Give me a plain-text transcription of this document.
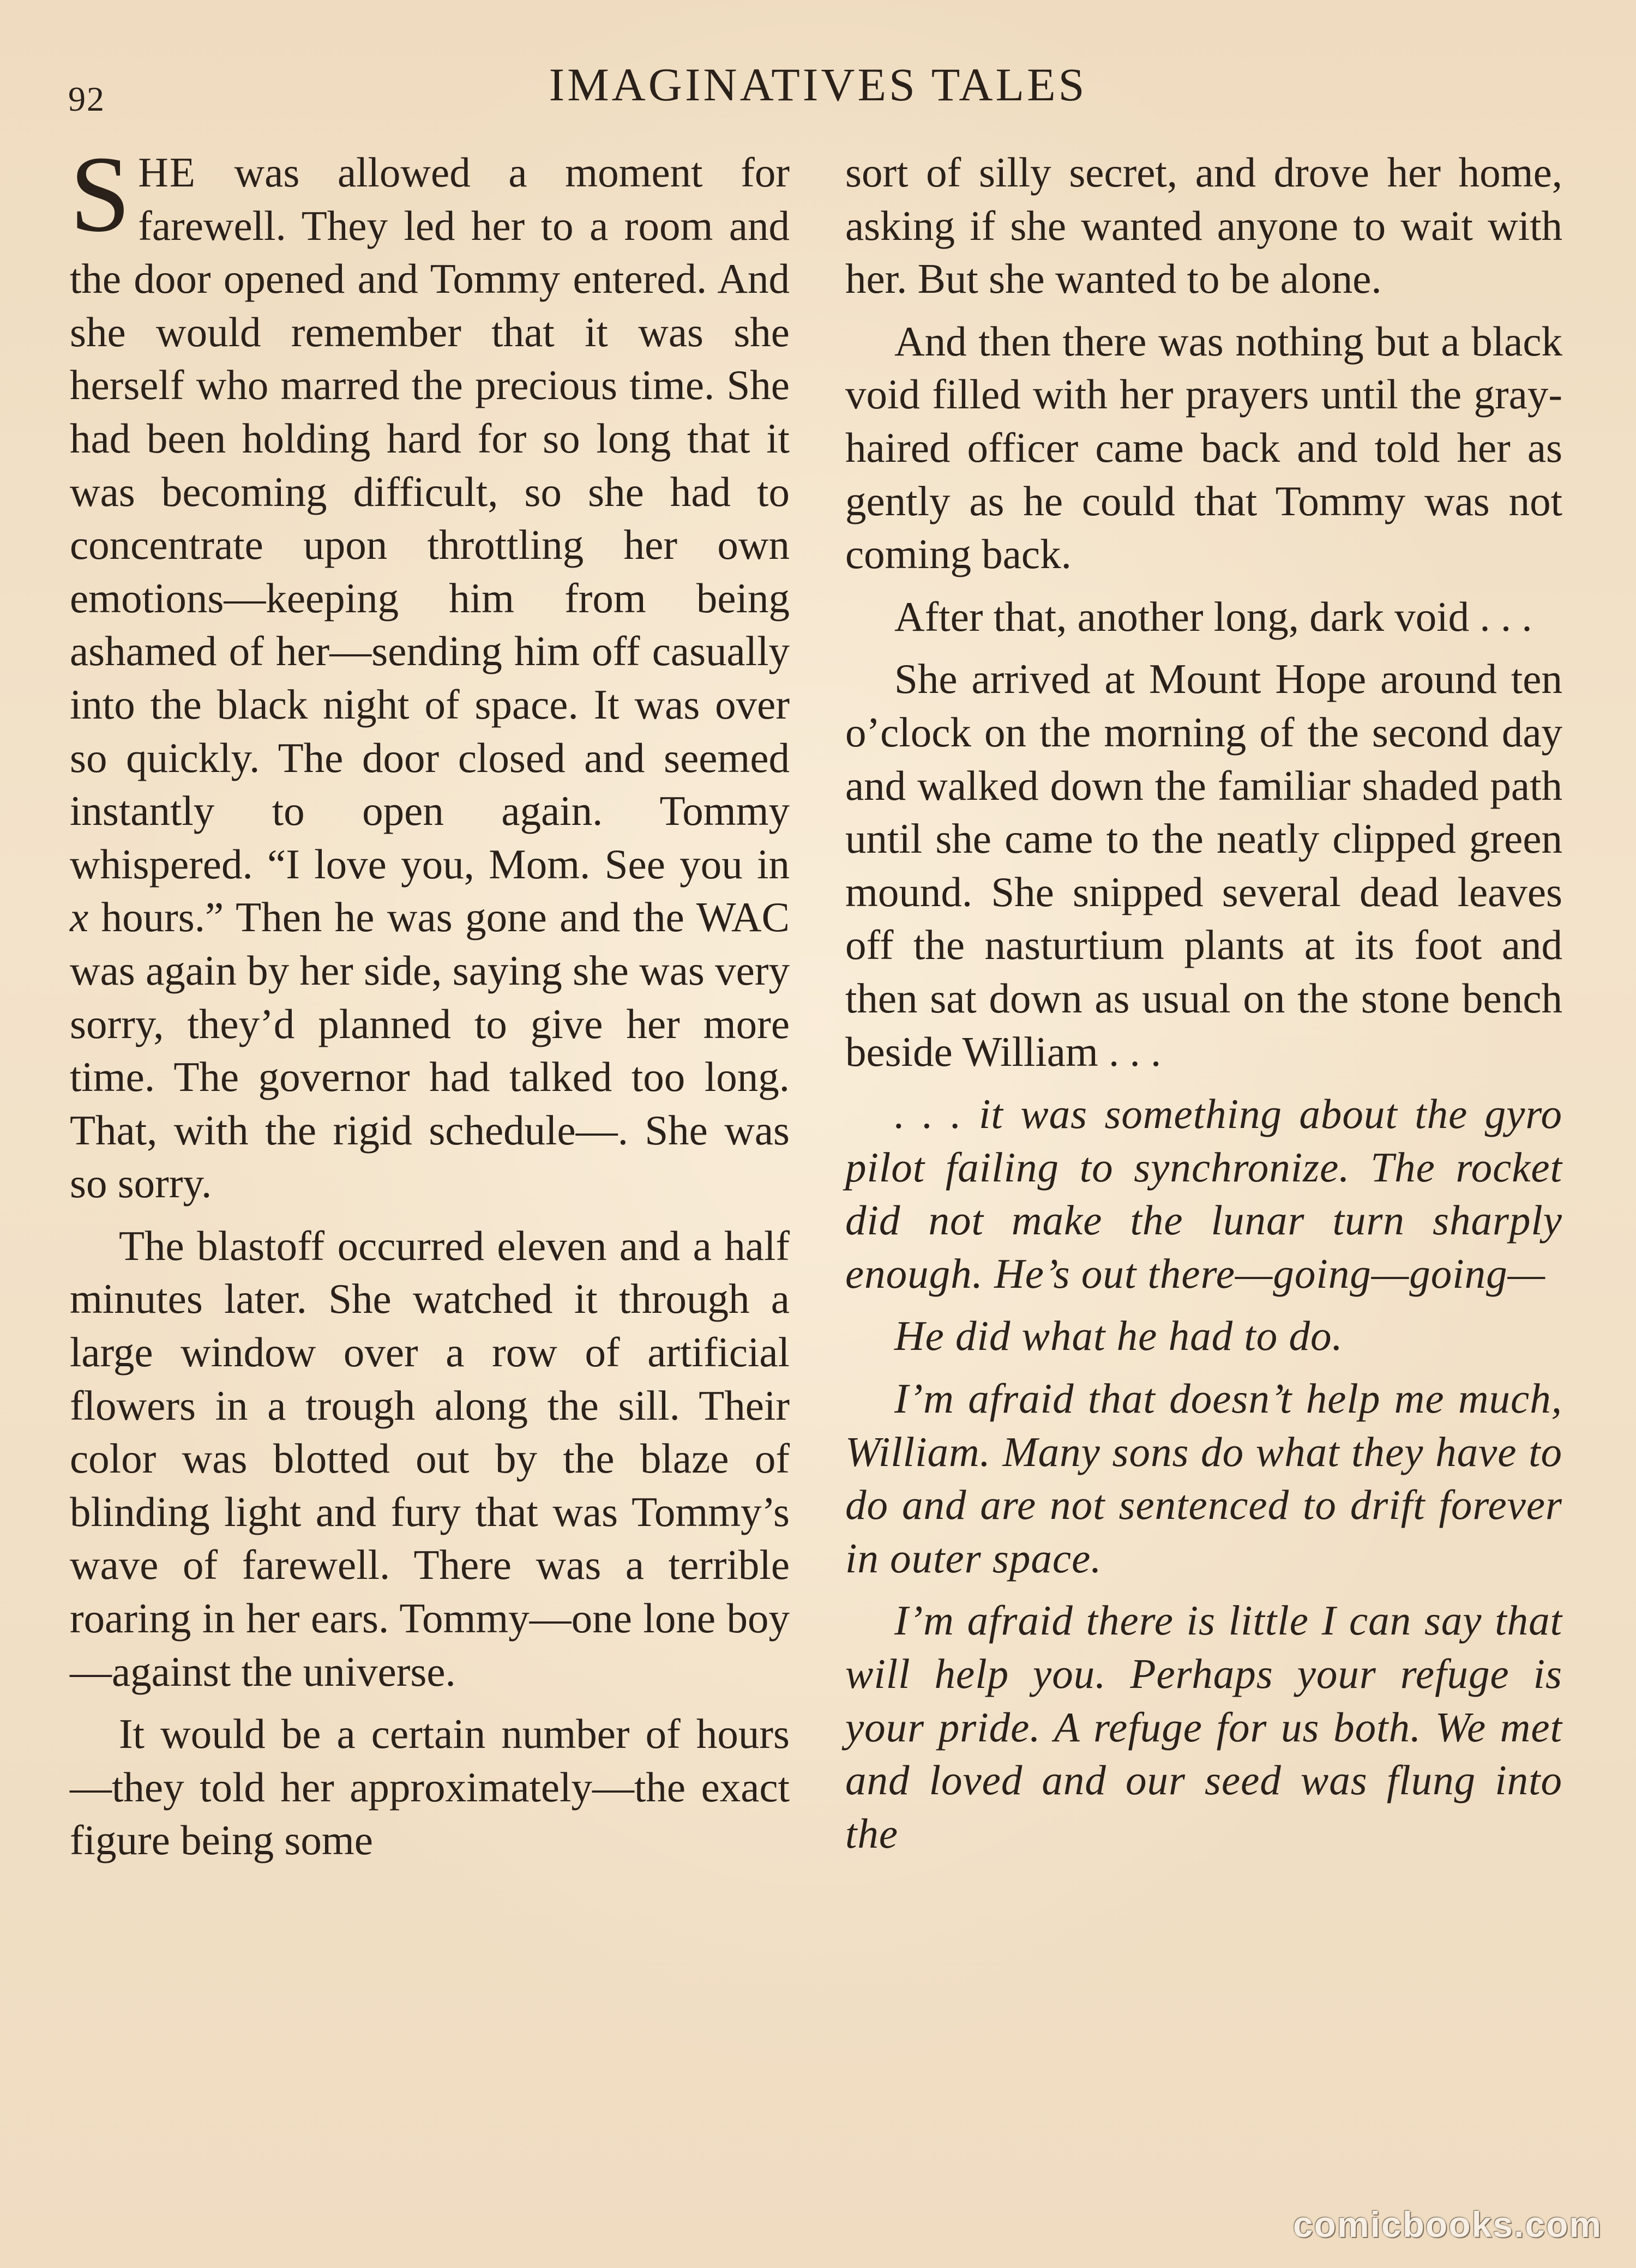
92	IMAGINATIVES TALES

SHE was allowed a moment for farewell. They led her to a room and the door opened and Tommy entered. And she would remember that it was she herself who marred the precious time. She had been holding hard for so long that it was becoming difficult, so she had to concentrate upon throttling her own emotions—keeping him from being ashamed of her—sending him off casually into the black night of space. It was over so quickly. The door closed and seemed instantly to open again. Tommy whispered. “I love you, Mom. See you in x hours.” Then he was gone and the WAC was again by her side, saying she was very sorry, they’d planned to give her more time. The governor had talked too long. That, with the rigid schedule—. She was so sorry.

The blastoff occurred eleven and a half minutes later. She watched it through a large window over a row of artificial flowers in a trough along the sill. Their color was blotted out by the blaze of blinding light and fury that was Tommy’s wave of farewell. There was a terrible roaring in her ears. Tommy—one lone boy—against the universe.

It would be a certain number of hours—they told her approximately—the exact figure being some

sort of silly secret, and drove her home, asking if she wanted anyone to wait with her. But she wanted to be alone.

And then there was nothing but a black void filled with her prayers until the gray-haired officer came back and told her as gently as he could that Tommy was not coming back.

After that, another long, dark void . . .

She arrived at Mount Hope around ten o’clock on the morning of the second day and walked down the familiar shaded path until she came to the neatly clipped green mound. She snipped several dead leaves off the nasturtium plants at its foot and then sat down as usual on the stone bench beside William . . .

. . . it was something about the gyro pilot failing to synchronize. The rocket did not make the lunar turn sharply enough. He’s out there—going—going—

He did what he had to do.

I’m afraid that doesn’t help me much, William. Many sons do what they have to do and are not sentenced to drift forever in outer space.

I’m afraid there is little I can say that will help you. Perhaps your refuge is your pride. A refuge for us both. We met and loved and our seed was flung into the

comicbooks.com
